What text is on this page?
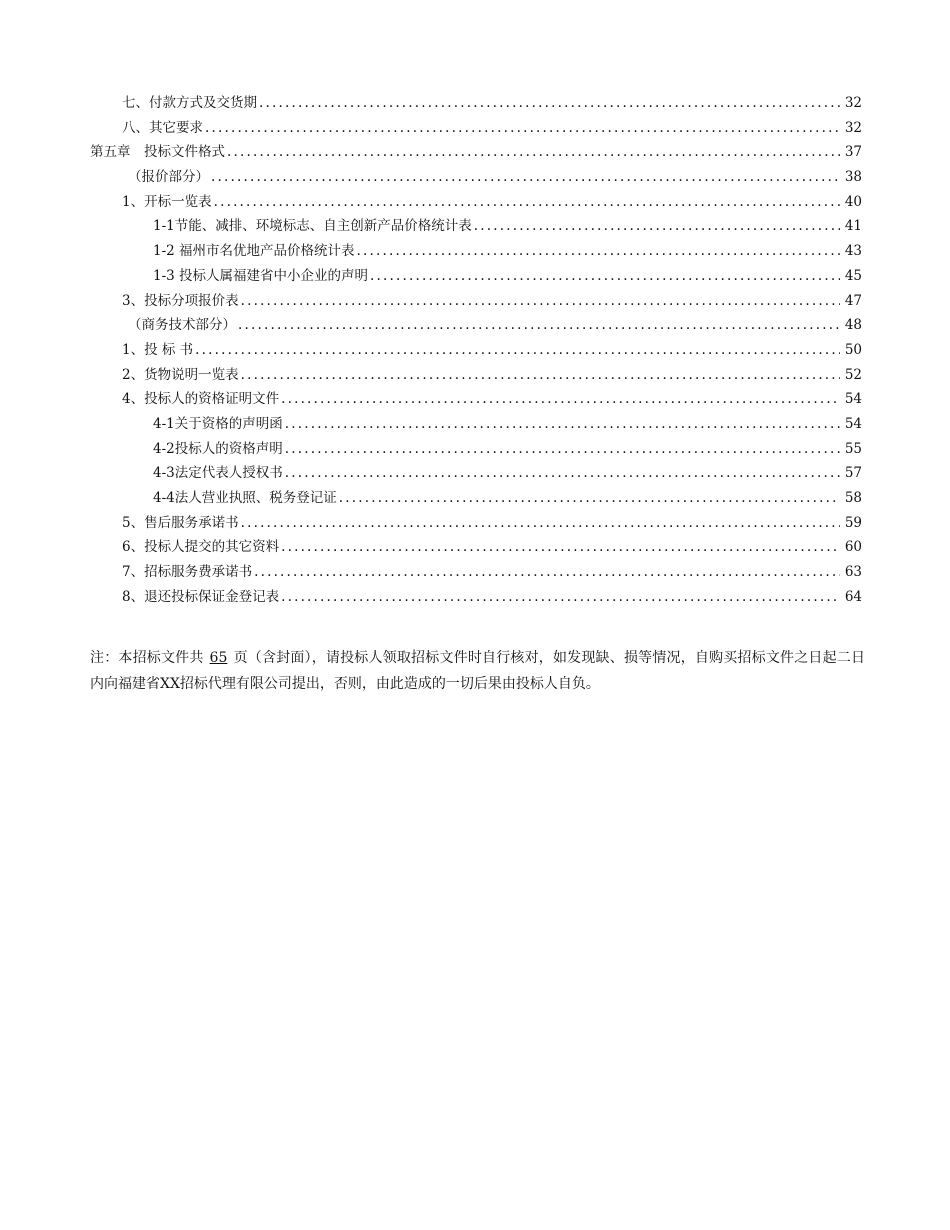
七、付款方式及交货期 .....	32
八、其它要求 .....	32
第五章　投标文件格式 .....	37
（报价部分） .....	38
1、开标一览表 .....	40
1-1节能、减排、环境标志、自主创新产品价格统计表 .....	41
1-2 福州市名优地产品价格统计表 .....	43
1-3 投标人属福建省中小企业的声明 .....	45
3、投标分项报价表 .....	47
（商务技术部分） .....	48
1、投 标 书 .....	50
2、货物说明一览表 .....	52
4、投标人的资格证明文件 .....	54
4-1关于资格的声明函 .....	54
4-2投标人的资格声明 .....	55
4-3法定代表人授权书 .....	57
4-4法人营业执照、税务登记证 .....	58
5、售后服务承诺书 .....	59
6、投标人提交的其它资料 .....	60
7、招标服务费承诺书 .....	63
8、退还投标保证金登记表 .....	64

注：本招标文件共 65 页（含封面），请投标人领取招标文件时自行核对，如发现缺、损等情况，自购买招标文件之日起二日内向福建省XX招标代理有限公司提出，否则，由此造成的一切后果由投标人自负。
